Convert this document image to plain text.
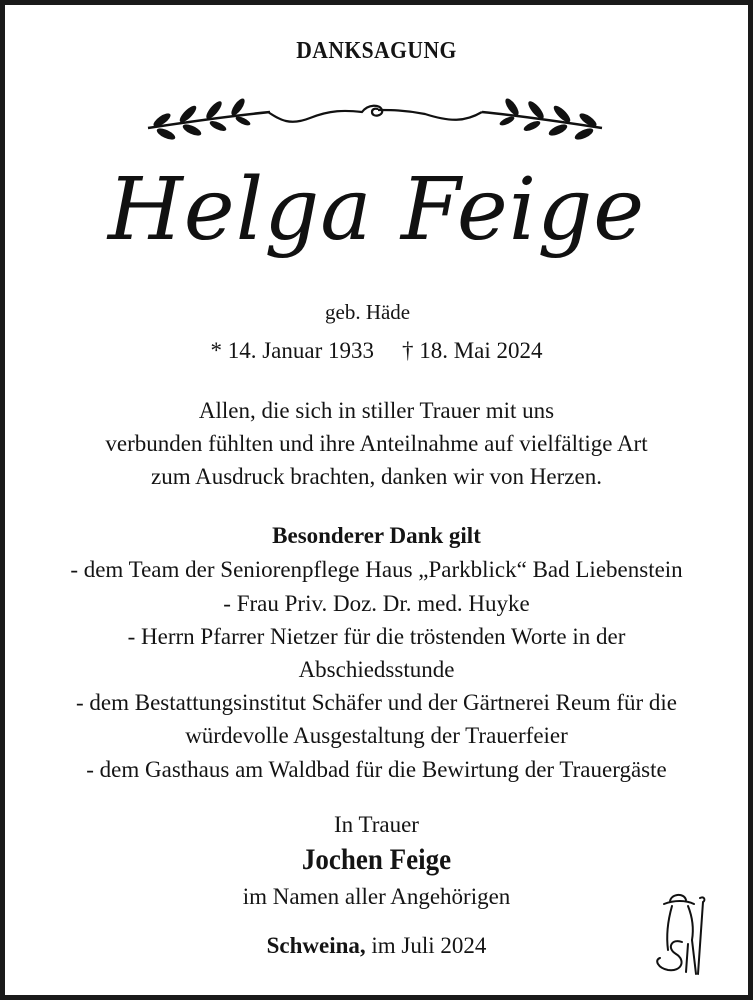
DANKSAGUNG
Helga Feige
geb. Häde
* 14. Januar 1933 † 18. Mai 2024
Allen, die sich in stiller Trauer mit uns
verbunden fühlten und ihre Anteilnahme auf vielfältige Art
zum Ausdruck brachten, danken wir von Herzen.
Besonderer Dank gilt
- dem Team der Seniorenpflege Haus „Parkblick“ Bad Liebenstein
- Frau Priv. Doz. Dr. med. Huyke
- Herrn Pfarrer Nietzer für die tröstenden Worte in der
Abschiedsstunde
- dem Bestattungsinstitut Schäfer und der Gärtnerei Reum für die
würdevolle Ausgestaltung der Trauerfeier
- dem Gasthaus am Waldbad für die Bewirtung der Trauergäste
In Trauer
Jochen Feige
im Namen aller Angehörigen
Schweina, im Juli 2024
